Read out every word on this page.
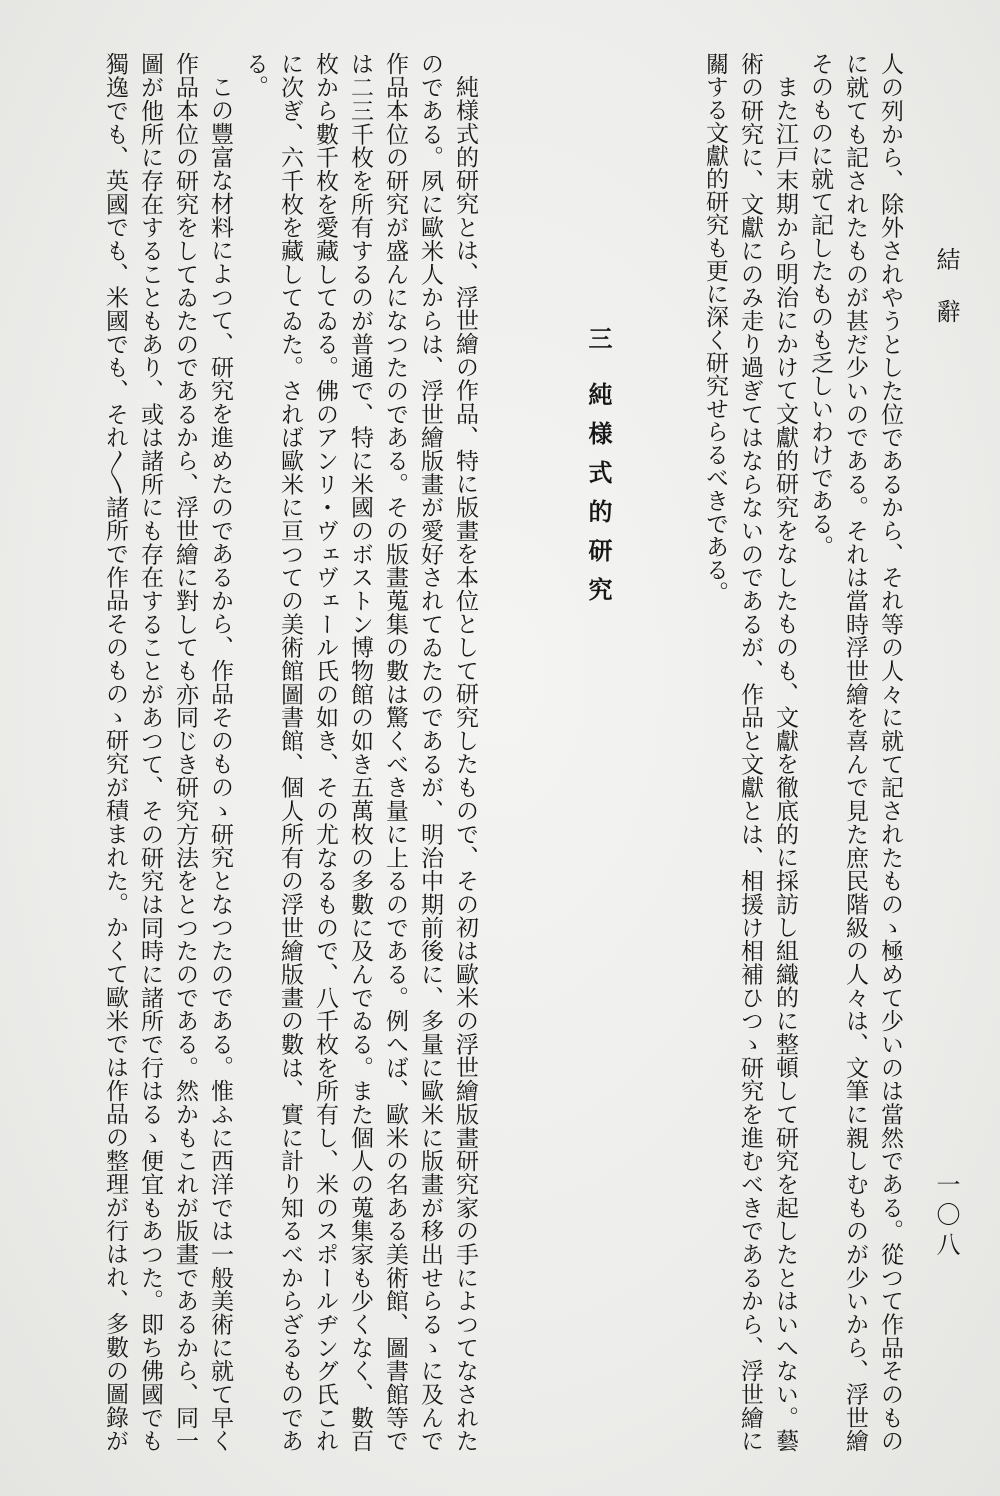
結　辭
一〇八
人の列から、除外されやうとした位であるから、それ等の人々に就て記されたものゝ極めて少いのは當然である。從つて作品そのもの
に就ても記されたものが甚だ少いのである。それは當時浮世繪を喜んで見た庶民階級の人々は、文筆に親しむものが少いから、浮世繪
そのものに就て記したものも乏しいわけである。
また江戸末期から明治にかけて文獻的研究をなしたものも、文獻を徹底的に採訪し組織的に整頓して研究を起したとはいへない。藝
術の研究に、文獻にのみ走り過ぎてはならないのであるが、作品と文獻とは、相援け相補ひつゝ研究を進むべきであるから、浮世繪に
關する文獻的研究も更に深く研究せらるべきである。
三純様式的研究
純様式的研究とは、浮世繪の作品、特に版畫を本位として研究したもので、その初は歐米の浮世繪版畫研究家の手によつてなされた
のである。夙に歐米人からは、浮世繪版畫が愛好されてゐたのであるが、明治中期前後に、多量に歐米に版畫が移出せらるゝに及んで
作品本位の研究が盛んになつたのである。その版畫蒐集の數は驚くべき量に上るのである。例へば、歐米の名ある美術館、圖書館等で
は二三千枚を所有するのが普通で、特に米國のボストン博物館の如き五萬枚の多數に及んでゐる。また個人の蒐集家も少くなく、數百
枚から數千枚を愛藏してゐる。佛のアンリ・ヴェヴェール氏の如き、その尤なるもので、八千枚を所有し、米のスポールヂング氏これ
に次ぎ、六千枚を藏してゐた。されば歐米に亘つての美術館圖書館、個人所有の浮世繪版畫の數は、實に計り知るべからざるものであ
る。
この豐富な材料によつて、研究を進めたのであるから、作品そのものゝ研究となつたのである。惟ふに西洋では一般美術に就て早く
作品本位の研究をしてゐたのであるから、浮世繪に對しても亦同じき研究方法をとつたのである。然かもこれが版畫であるから、同一
圖が他所に存在することもあり、或は諸所にも存在することがあつて、その研究は同時に諸所で行はるゝ便宜もあつた。即ち佛國でも
獨逸でも、英國でも、米國でも、それ〳〵諸所で作品そのものゝ研究が積まれた。かくて歐米では作品の整理が行はれ、多數の圖錄が
